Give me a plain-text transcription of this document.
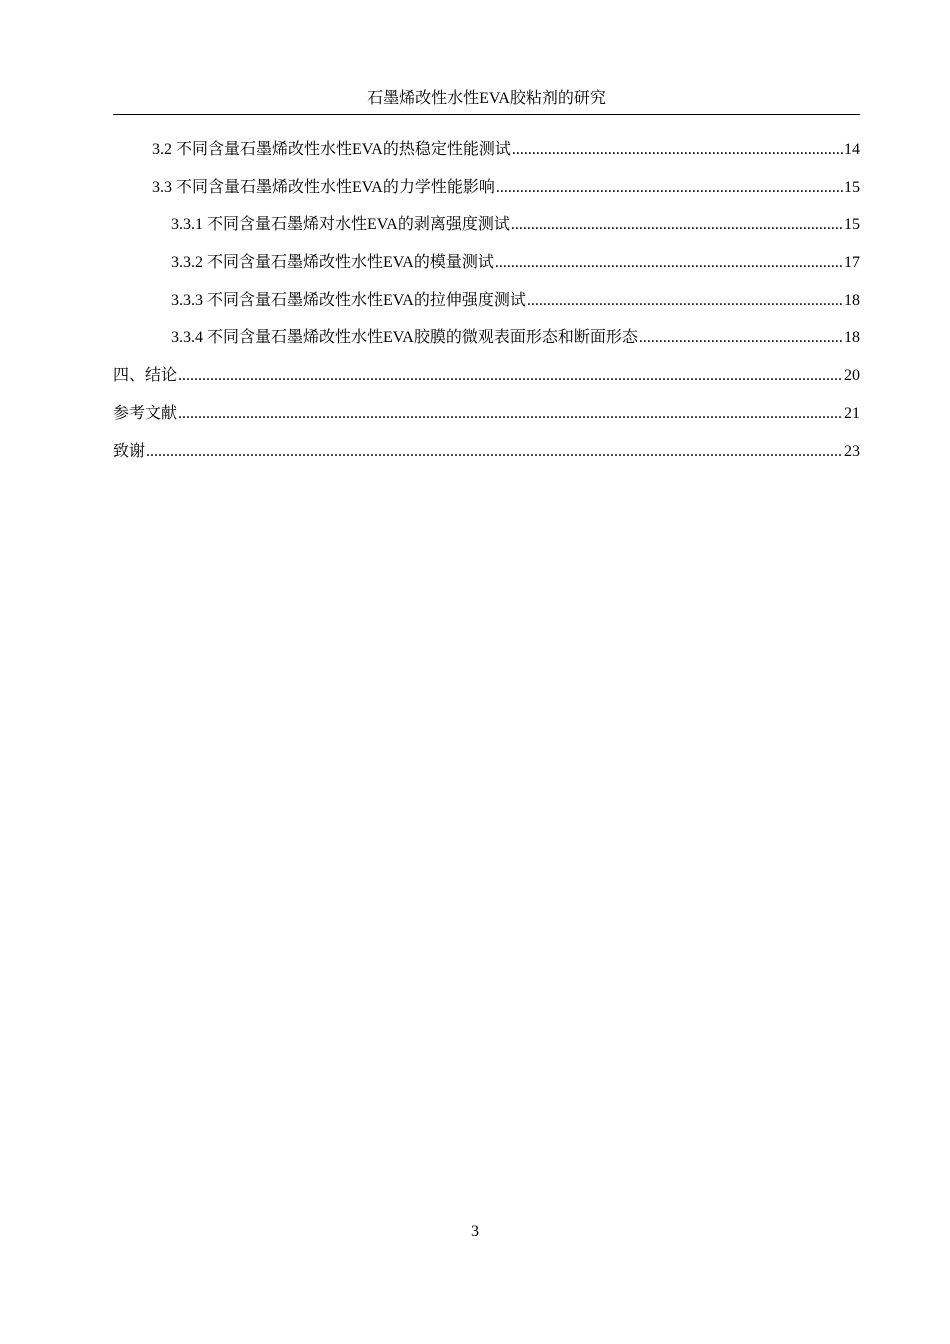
石墨烯改性水性EVA胶粘剂的研究
3.2 不同含量石墨烯改性水性EVA的热稳定性能测试 .....	14
3.3 不同含量石墨烯改性水性EVA的力学性能影响 .....	15
3.3.1 不同含量石墨烯对水性EVA的剥离强度测试 .....	15
3.3.2 不同含量石墨烯改性水性EVA的模量测试 .....	17
3.3.3 不同含量石墨烯改性水性EVA的拉伸强度测试 .....	18
3.3.4 不同含量石墨烯改性水性EVA胶膜的微观表面形态和断面形态 .....	18
四、结论 .....	20
参考文献 .....	21
致谢 .....	23
3
